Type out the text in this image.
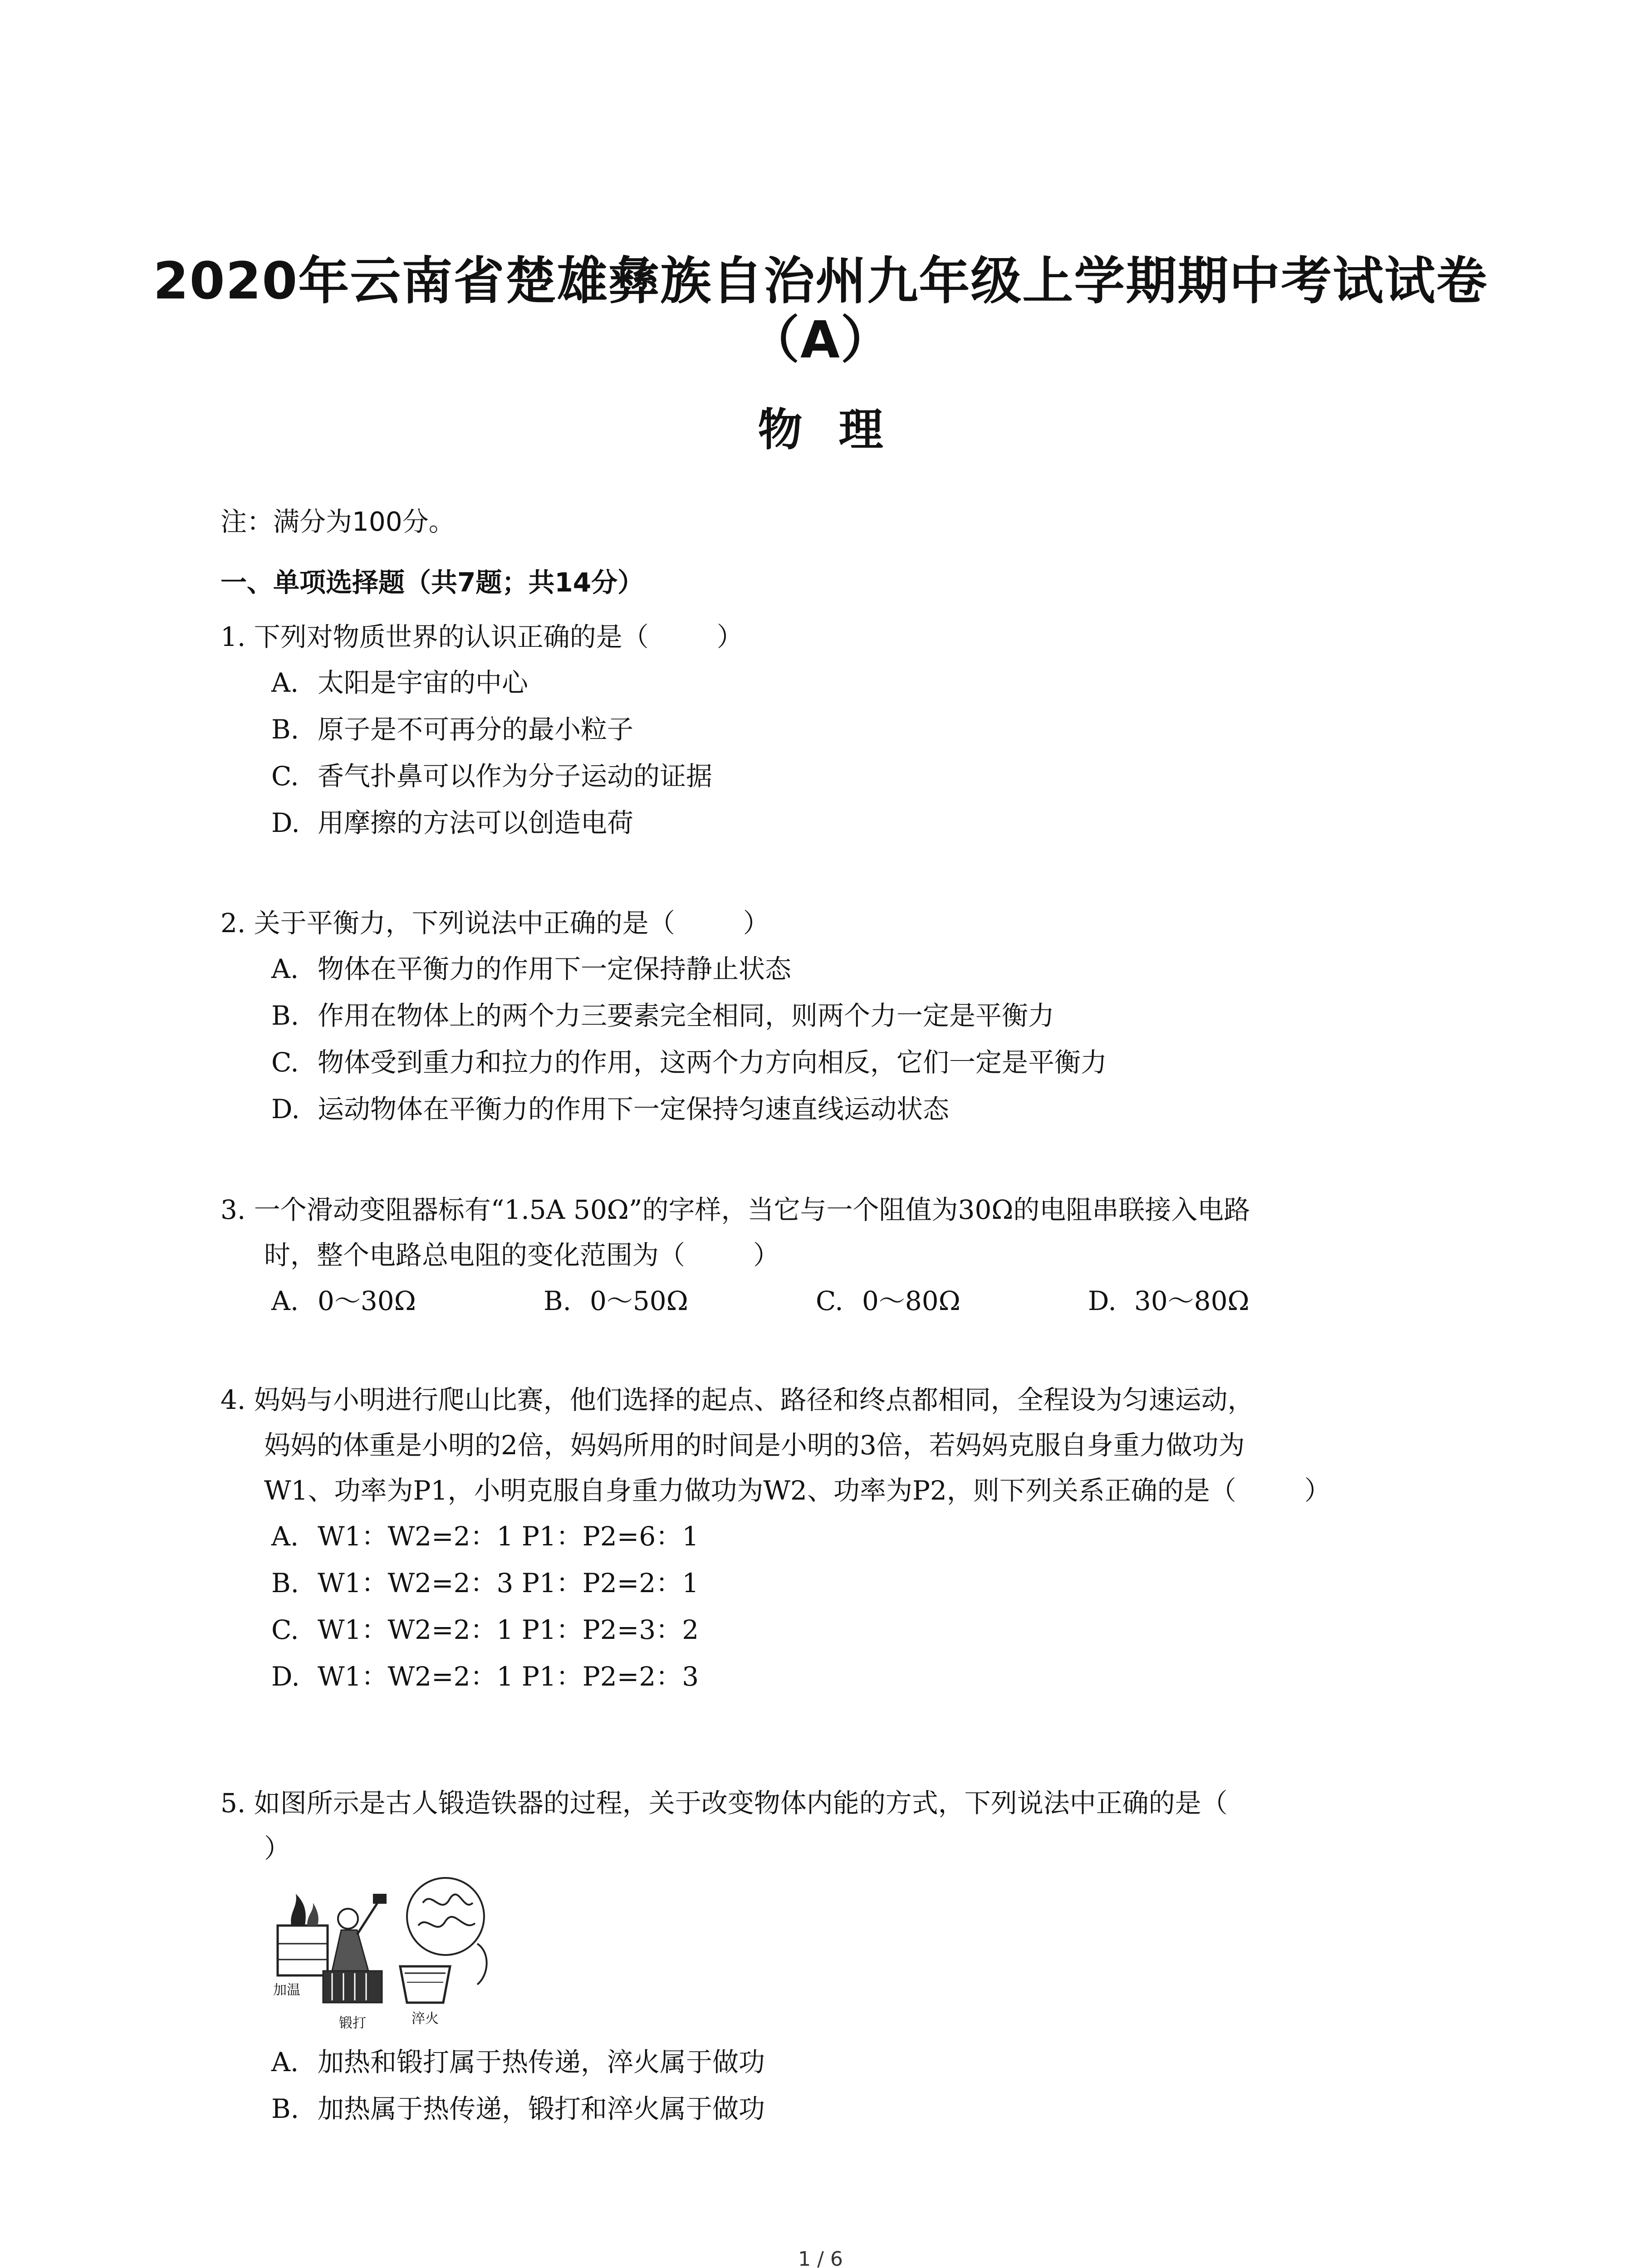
2020年云南省楚雄彝族自治州九年级上学期期中考试试卷（A）
物理
注：满分为100分。
一、单项选择题（共7题；共14分）
1. 下列对物质世界的认识正确的是（	）
A. 太阳是宇宙的中心
B. 原子是不可再分的最小粒子
C. 香气扑鼻可以作为分子运动的证据
D. 用摩擦的方法可以创造电荷
2. 关于平衡力，下列说法中正确的是（	）
A. 物体在平衡力的作用下一定保持静止状态
B. 作用在物体上的两个力三要素完全相同，则两个力一定是平衡力
C. 物体受到重力和拉力的作用，这两个力方向相反，它们一定是平衡力
D. 运动物体在平衡力的作用下一定保持匀速直线运动状态
3. 一个滑动变阻器标有“1.5A 50Ω”的字样，当它与一个阻值为30Ω的电阻串联接入电路
时，整个电路总电阻的变化范围为（	）
A. 0～30Ω	B. 0～50Ω	C. 0～80Ω	D. 30～80Ω
4. 妈妈与小明进行爬山比赛，他们选择的起点、路径和终点都相同，全程设为匀速运动，
妈妈的体重是小明的2倍，妈妈所用的时间是小明的3倍，若妈妈克服自身重力做功为
W1、功率为P1，小明克服自身重力做功为W2、功率为P2，则下列关系正确的是（	）
A. W1：W2=2：1 P1：P2=6：1
B. W1：W2=2：3 P1：P2=2：1
C. W1：W2=2：1 P1：P2=3：2
D. W1：W2=2：1 P1：P2=2：3
5. 如图所示是古人锻造铁器的过程，关于改变物体内能的方式，下列说法中正确的是（
）
加温
锻打	淬火
A. 加热和锻打属于热传递，淬火属于做功
B. 加热属于热传递，锻打和淬火属于做功
1 / 6
